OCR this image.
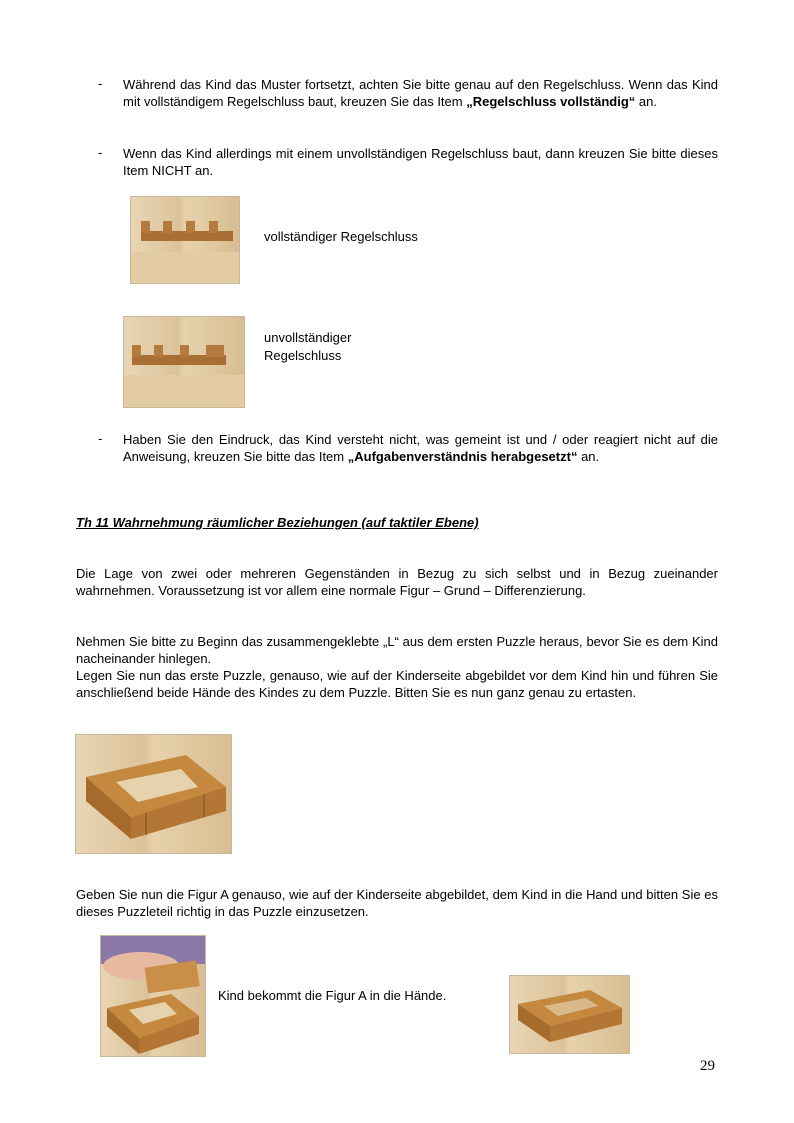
- Während das Kind das Muster fortsetzt, achten Sie bitte genau auf den Regelschluss. Wenn das Kind mit vollständigem Regelschluss baut, kreuzen Sie das Item „Regelschluss vollständig“ an.
- Wenn das Kind allerdings mit einem unvollständigen Regelschluss baut, dann kreuzen Sie bitte dieses Item NICHT an.
vollständiger Regelschluss
unvollständiger Regelschluss
- Haben Sie den Eindruck, das Kind versteht nicht, was gemeint ist und / oder reagiert nicht auf die Anweisung, kreuzen Sie bitte das Item „Aufgabenverständnis herabgesetzt“ an.
Th 11 Wahrnehmung räumlicher Beziehungen (auf taktiler Ebene)
Die Lage von zwei oder mehreren Gegenständen in Bezug zu sich selbst und in Bezug zueinander wahrnehmen. Voraussetzung ist vor allem eine normale Figur – Grund – Differenzierung.
Nehmen Sie bitte zu Beginn das zusammengeklebte „L“ aus dem ersten Puzzle heraus, bevor Sie es dem Kind nacheinander hinlegen.
Legen Sie nun das erste Puzzle, genauso, wie auf der Kinderseite abgebildet vor dem Kind hin und führen Sie anschließend beide Hände des Kindes zu dem Puzzle. Bitten Sie es nun ganz genau zu ertasten.
Geben Sie nun die Figur A genauso, wie auf der Kinderseite abgebildet, dem Kind in die Hand und bitten Sie es dieses Puzzleteil richtig in das Puzzle einzusetzen.
Kind bekommt die Figur A in die Hände.
29
